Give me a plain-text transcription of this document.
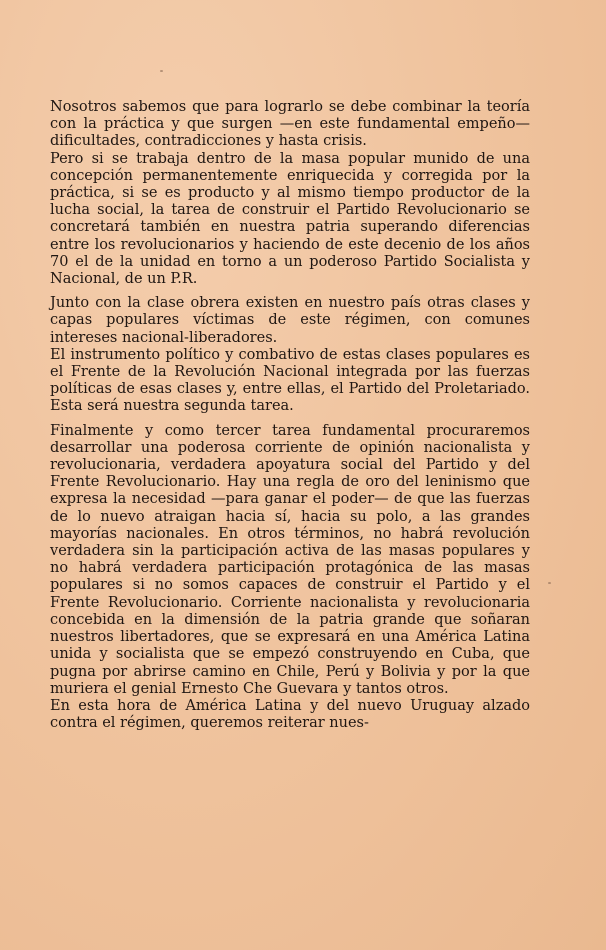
Nosotros sabemos que para lograrlo se debe combinar la teoría con la práctica y que surgen —en este fundamental empeño— dificultades, contradicciones y hasta crisis.

Pero si se trabaja dentro de la masa popular munido de una concepción permanentemente enriquecida y corregida por la práctica, si se es producto y al mismo tiempo productor de la lucha social, la tarea de construir el Partido Revolucionario se concretará también en nuestra patria superando diferencias entre los revolucionarios y haciendo de este decenio de los años 70 el de la unidad en torno a un poderoso Partido Socialista y Nacional, de un P.R.

Junto con la clase obrera existen en nuestro país otras clases y capas populares víctimas de este régimen, con comunes intereses nacional-liberadores.

El instrumento político y combativo de estas clases populares es el Frente de la Revolución Nacional integrada por las fuerzas políticas de esas clases y, entre ellas, el Partido del Proletariado. Esta será nuestra segunda tarea.

Finalmente y como tercer tarea fundamental procuraremos desarrollar una poderosa corriente de opinión nacionalista y revolucionaria, verdadera apoyatura social del Partido y del Frente Revolucionario. Hay una regla de oro del leninismo que expresa la necesidad —para ganar el poder— de que las fuerzas de lo nuevo atraigan hacia sí, hacia su polo, a las grandes mayorías nacionales. En otros términos, no habrá revolución verdadera sin la participación activa de las masas populares y no habrá verdadera participación protagónica de las masas populares si no somos capaces de construir el Partido y el Frente Revolucionario. Corriente nacionalista y revolucionaria concebida en la dimensión de la patria grande que soñaran nuestros libertadores, que se expresará en una América Latina unida y socialista que se empezó construyendo en Cuba, que pugna por abrirse camino en Chile, Perú y Bolivia y por la que muriera el genial Ernesto Che Guevara y tantos otros.

En esta hora de América Latina y del nuevo Uruguay alzado contra el régimen, queremos reiterar nues-
